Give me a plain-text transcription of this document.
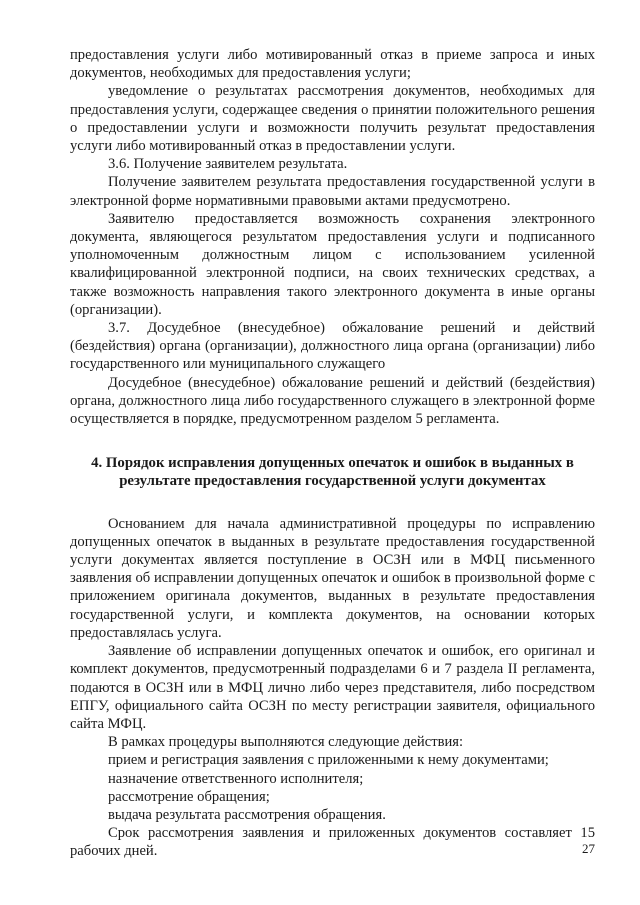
предоставления услуги либо мотивированный отказ в приеме запроса и иных документов, необходимых для предоставления услуги;

уведомление о результатах рассмотрения документов, необходимых для предоставления услуги, содержащее сведения о принятии положительного решения о предоставлении услуги и возможности получить результат предоставления услуги либо мотивированный отказ в предоставлении услуги.

3.6. Получение заявителем результата.

Получение заявителем результата предоставления государственной услуги в электронной форме нормативными правовыми актами предусмотрено.

Заявителю предоставляется возможность сохранения электронного документа, являющегося результатом предоставления услуги и подписанного уполномоченным должностным лицом с использованием усиленной квалифицированной электронной подписи, на своих технических средствах, а также возможность направления такого электронного документа в иные органы (организации).

3.7. Досудебное (внесудебное) обжалование решений и действий (бездействия) органа (организации), должностного лица органа (организации) либо государственного или муниципального служащего

Досудебное (внесудебное) обжалование решений и действий (бездействия) органа, должностного лица либо государственного служащего в электронной форме осуществляется в порядке, предусмотренном разделом 5 регламента.

4. Порядок исправления допущенных опечаток и ошибок в выданных в
результате предоставления государственной услуги документах

Основанием для начала административной процедуры по исправлению допущенных опечаток в выданных в результате предоставления государственной услуги документах является поступление в ОСЗН или в МФЦ письменного заявления об исправлении допущенных опечаток и ошибок в произвольной форме с приложением оригинала документов, выданных в результате предоставления государственной услуги, и комплекта документов, на основании которых предоставлялась услуга.

Заявление об исправлении допущенных опечаток и ошибок, его оригинал и комплект документов, предусмотренный подразделами 6 и 7 раздела II регламента, подаются в ОСЗН или в МФЦ лично либо через представителя, либо посредством ЕПГУ, официального сайта ОСЗН по месту регистрации заявителя, официального сайта МФЦ.

В рамках процедуры выполняются следующие действия:

прием и регистрация заявления с приложенными к нему документами;

назначение ответственного исполнителя;

рассмотрение обращения;

выдача результата рассмотрения обращения.

Срок рассмотрения заявления и приложенных документов составляет 15 рабочих дней.	27
